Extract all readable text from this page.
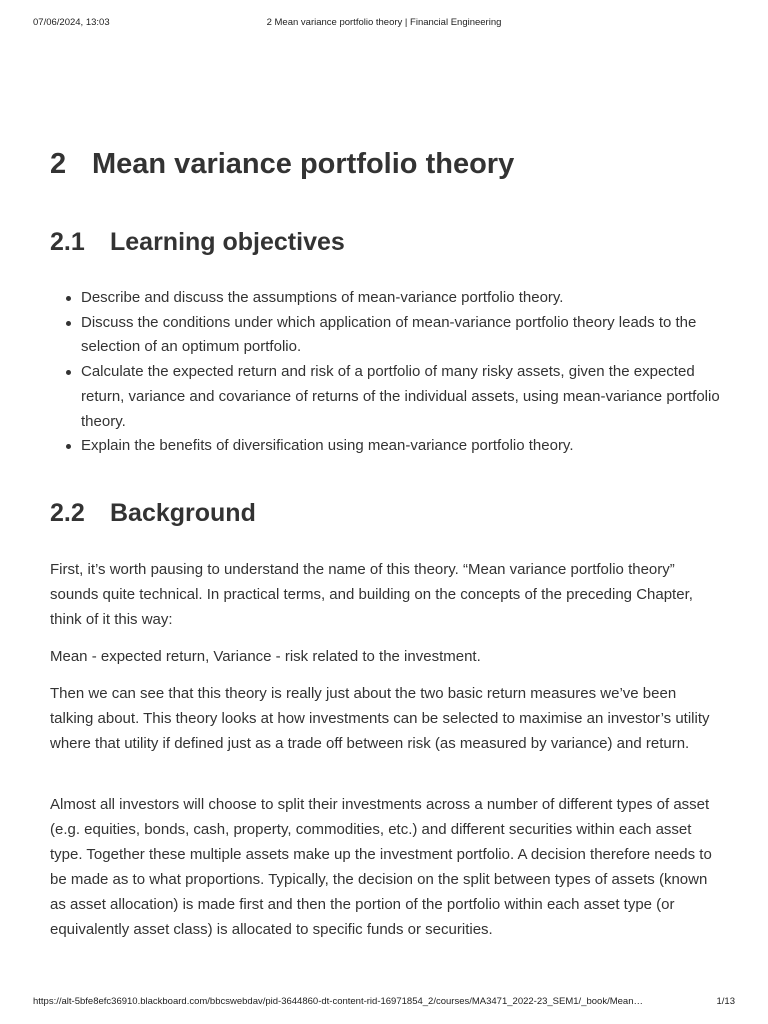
07/06/2024, 13:03	2 Mean variance portfolio theory | Financial Engineering
2 Mean variance portfolio theory
2.1 Learning objectives
Describe and discuss the assumptions of mean-variance portfolio theory.
Discuss the conditions under which application of mean-variance portfolio theory leads to the selection of an optimum portfolio.
Calculate the expected return and risk of a portfolio of many risky assets, given the expected return, variance and covariance of returns of the individual assets, using mean-variance portfolio theory.
Explain the benefits of diversification using mean-variance portfolio theory.
2.2 Background

First, it’s worth pausing to understand the name of this theory. “Mean variance portfolio theory” sounds quite technical. In practical terms, and building on the concepts of the preceding Chapter, think of it this way:

Mean - expected return, Variance - risk related to the investment.

Then we can see that this theory is really just about the two basic return measures we’ve been talking about. This theory looks at how investments can be selected to maximise an investor’s utility where that utility if defined just as a trade off between risk (as measured by variance) and return.

Almost all investors will choose to split their investments across a number of different types of asset (e.g. equities, bonds, cash, property, commodities, etc.) and different securities within each asset type. Together these multiple assets make up the investment portfolio. A decision therefore needs to be made as to what proportions. Typically, the decision on the split between types of assets (known as asset allocation) is made first and then the portion of the portfolio within each asset type (or equivalently asset class) is allocated to specific funds or securities.

https://alt-5bfe8efc36910.blackboard.com/bbcswebdav/pid-3644860-dt-content-rid-16971854_2/courses/MA3471_2022-23_SEM1/_book/Mean…	1/13
